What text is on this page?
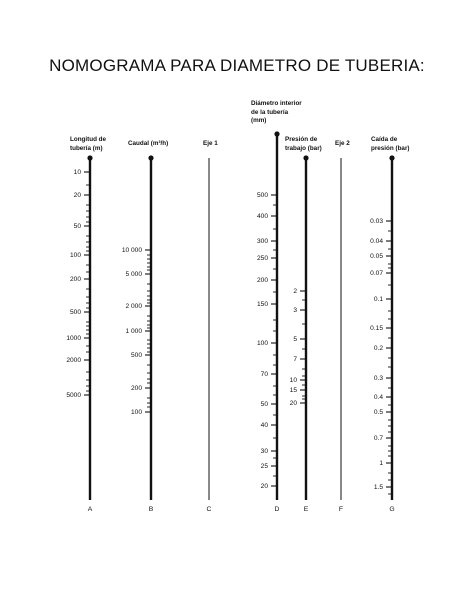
NOMOGRAMA PARA DIAMETRO DE TUBERIA:
Longitud de
tubería (m)
Caudal (m³/h)	Eje 1
Diámetro interior
de la tubería
(mm)
Presión de
trabajo (bar)
Eje 2
Caída de
presión (bar)
10
20
50
100
200
500
1000
2000
5000
A
10 000
5 000
2 000
1 000
500
200
100
B	C
500
400
300
250
200
150
100
70
50
40
30
25
20
D
2
3
5
7
10
15
20
E	F
0.03
0.04
0.05
0.07
0.1
0.15
0.2
0.3
0.4
0.5
0.7
1
1.5
G
